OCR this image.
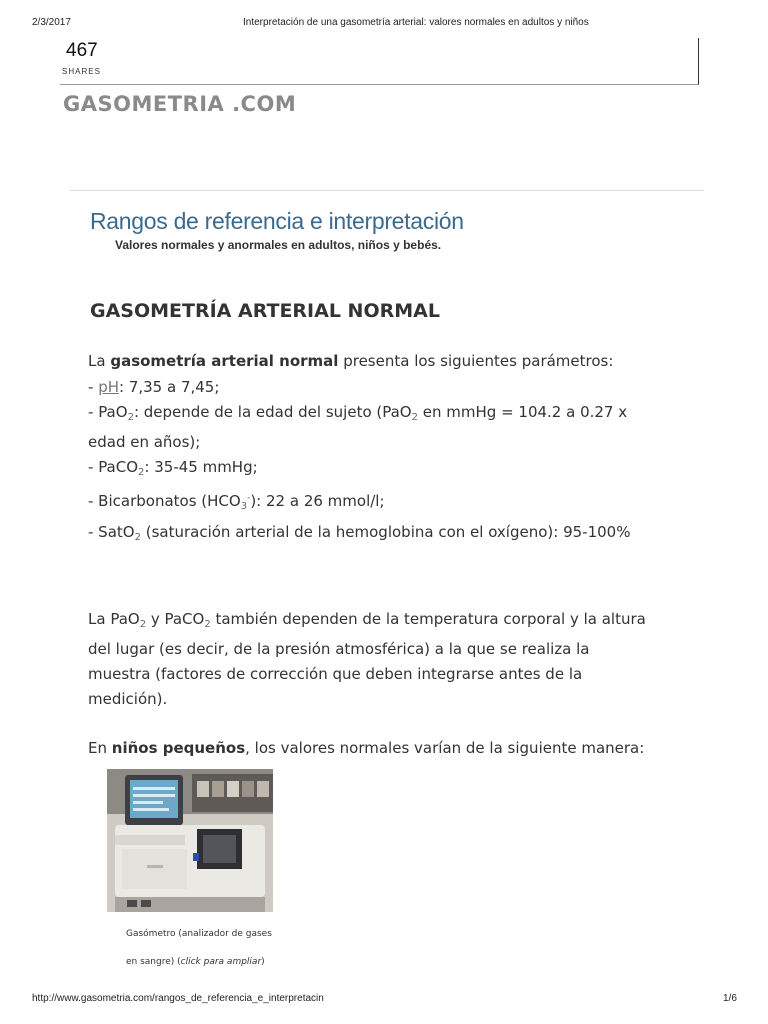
2/3/2017	Interpretación de una gasometría arterial: valores normales en adultos y niños
467
SHARES
GASOMETRIA .COM
Rangos de referencia e interpretación
Valores normales y anormales en adultos, niños y bebés.
GASOMETRÍA ARTERIAL NORMAL
La gasometría arterial normal presenta los siguientes parámetros:
- pH: 7,35 a 7,45;
- PaO$_2$: depende de la edad del sujeto (PaO$_2$ en mmHg = 104.2 a 0.27 x
edad en años);
- PaCO$_2$: 35-45 mmHg;
- Bicarbonatos $(HCO_3^-)$: 22 a 26 mmol/l;
- SatO$_2$ (saturación arterial de la hemoglobina con el oxígeno): 95-100%
La PaO$_2$ y PaCO$_2$ también dependen de la temperatura corporal y la altura
del lugar (es decir, de la presión atmosférica) a la que se realiza la
muestra (factores de corrección que deben integrarse antes de la
medición).
En niños pequeños, los valores normales varían de la siguiente manera:
Gasómetro (analizador de gases
en sangre) (click para ampliar)
http://www.gasometria.com/rangos_de_referencia_e_interpretacin	1/6
